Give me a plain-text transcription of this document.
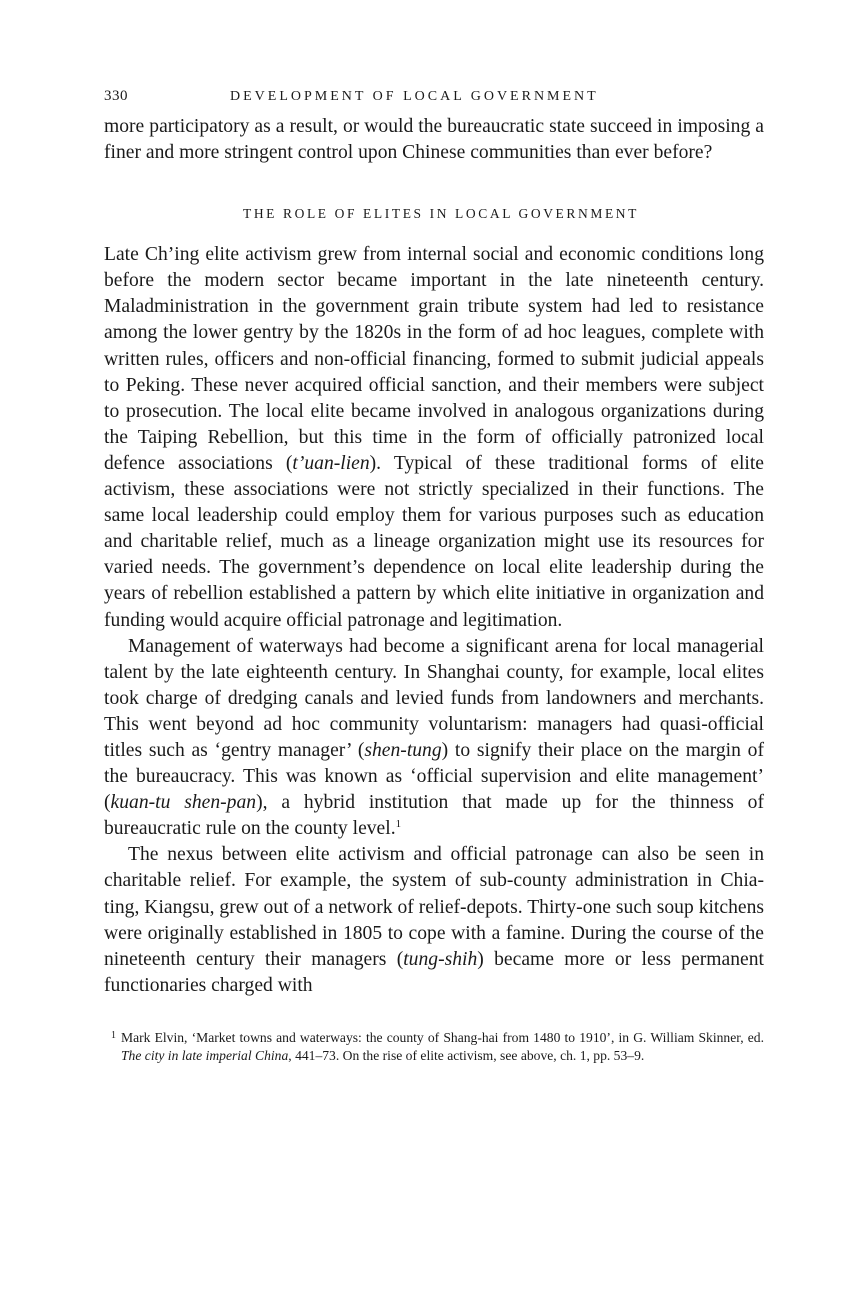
330	DEVELOPMENT OF LOCAL GOVERNMENT

more participatory as a result, or would the bureaucratic state succeed in imposing a finer and more stringent control upon Chinese communities than ever before?

THE ROLE OF ELITES IN LOCAL GOVERNMENT

Late Ch’ing elite activism grew from internal social and economic conditions long before the modern sector became important in the late nineteenth century. Maladministration in the government grain tribute system had led to resistance among the lower gentry by the 1820s in the form of ad hoc leagues, complete with written rules, officers and non-official financing, formed to submit judicial appeals to Peking. These never acquired official sanction, and their members were subject to prosecution. The local elite became involved in analogous organizations during the Taiping Rebellion, but this time in the form of officially patronized local defence associations (t’uan-lien). Typical of these traditional forms of elite activism, these associations were not strictly specialized in their functions. The same local leadership could employ them for various purposes such as education and charitable relief, much as a lineage organization might use its resources for varied needs. The government’s dependence on local elite leadership during the years of rebellion established a pattern by which elite initiative in organization and funding would acquire official patronage and legitimation.

Management of waterways had become a significant arena for local managerial talent by the late eighteenth century. In Shanghai county, for example, local elites took charge of dredging canals and levied funds from landowners and merchants. This went beyond ad hoc community voluntarism: managers had quasi-official titles such as ‘gentry manager’ (shen-tung) to signify their place on the margin of the bureaucracy. This was known as ‘official supervision and elite management’ (kuan-tu shen-pan), a hybrid institution that made up for the thinness of bureaucratic rule on the county level.$^1$

The nexus between elite activism and official patronage can also be seen in charitable relief. For example, the system of sub-county administration in Chia-ting, Kiangsu, grew out of a network of relief-depots. Thirty-one such soup kitchens were originally established in 1805 to cope with a famine. During the course of the nineteenth century their managers (tung-shih) became more or less permanent functionaries charged with

1 Mark Elvin, ‘Market towns and waterways: the county of Shang-hai from 1480 to 1910’, in G. William Skinner, ed. The city in late imperial China, 441–73. On the rise of elite activism, see above, ch. 1, pp. 53–9.
